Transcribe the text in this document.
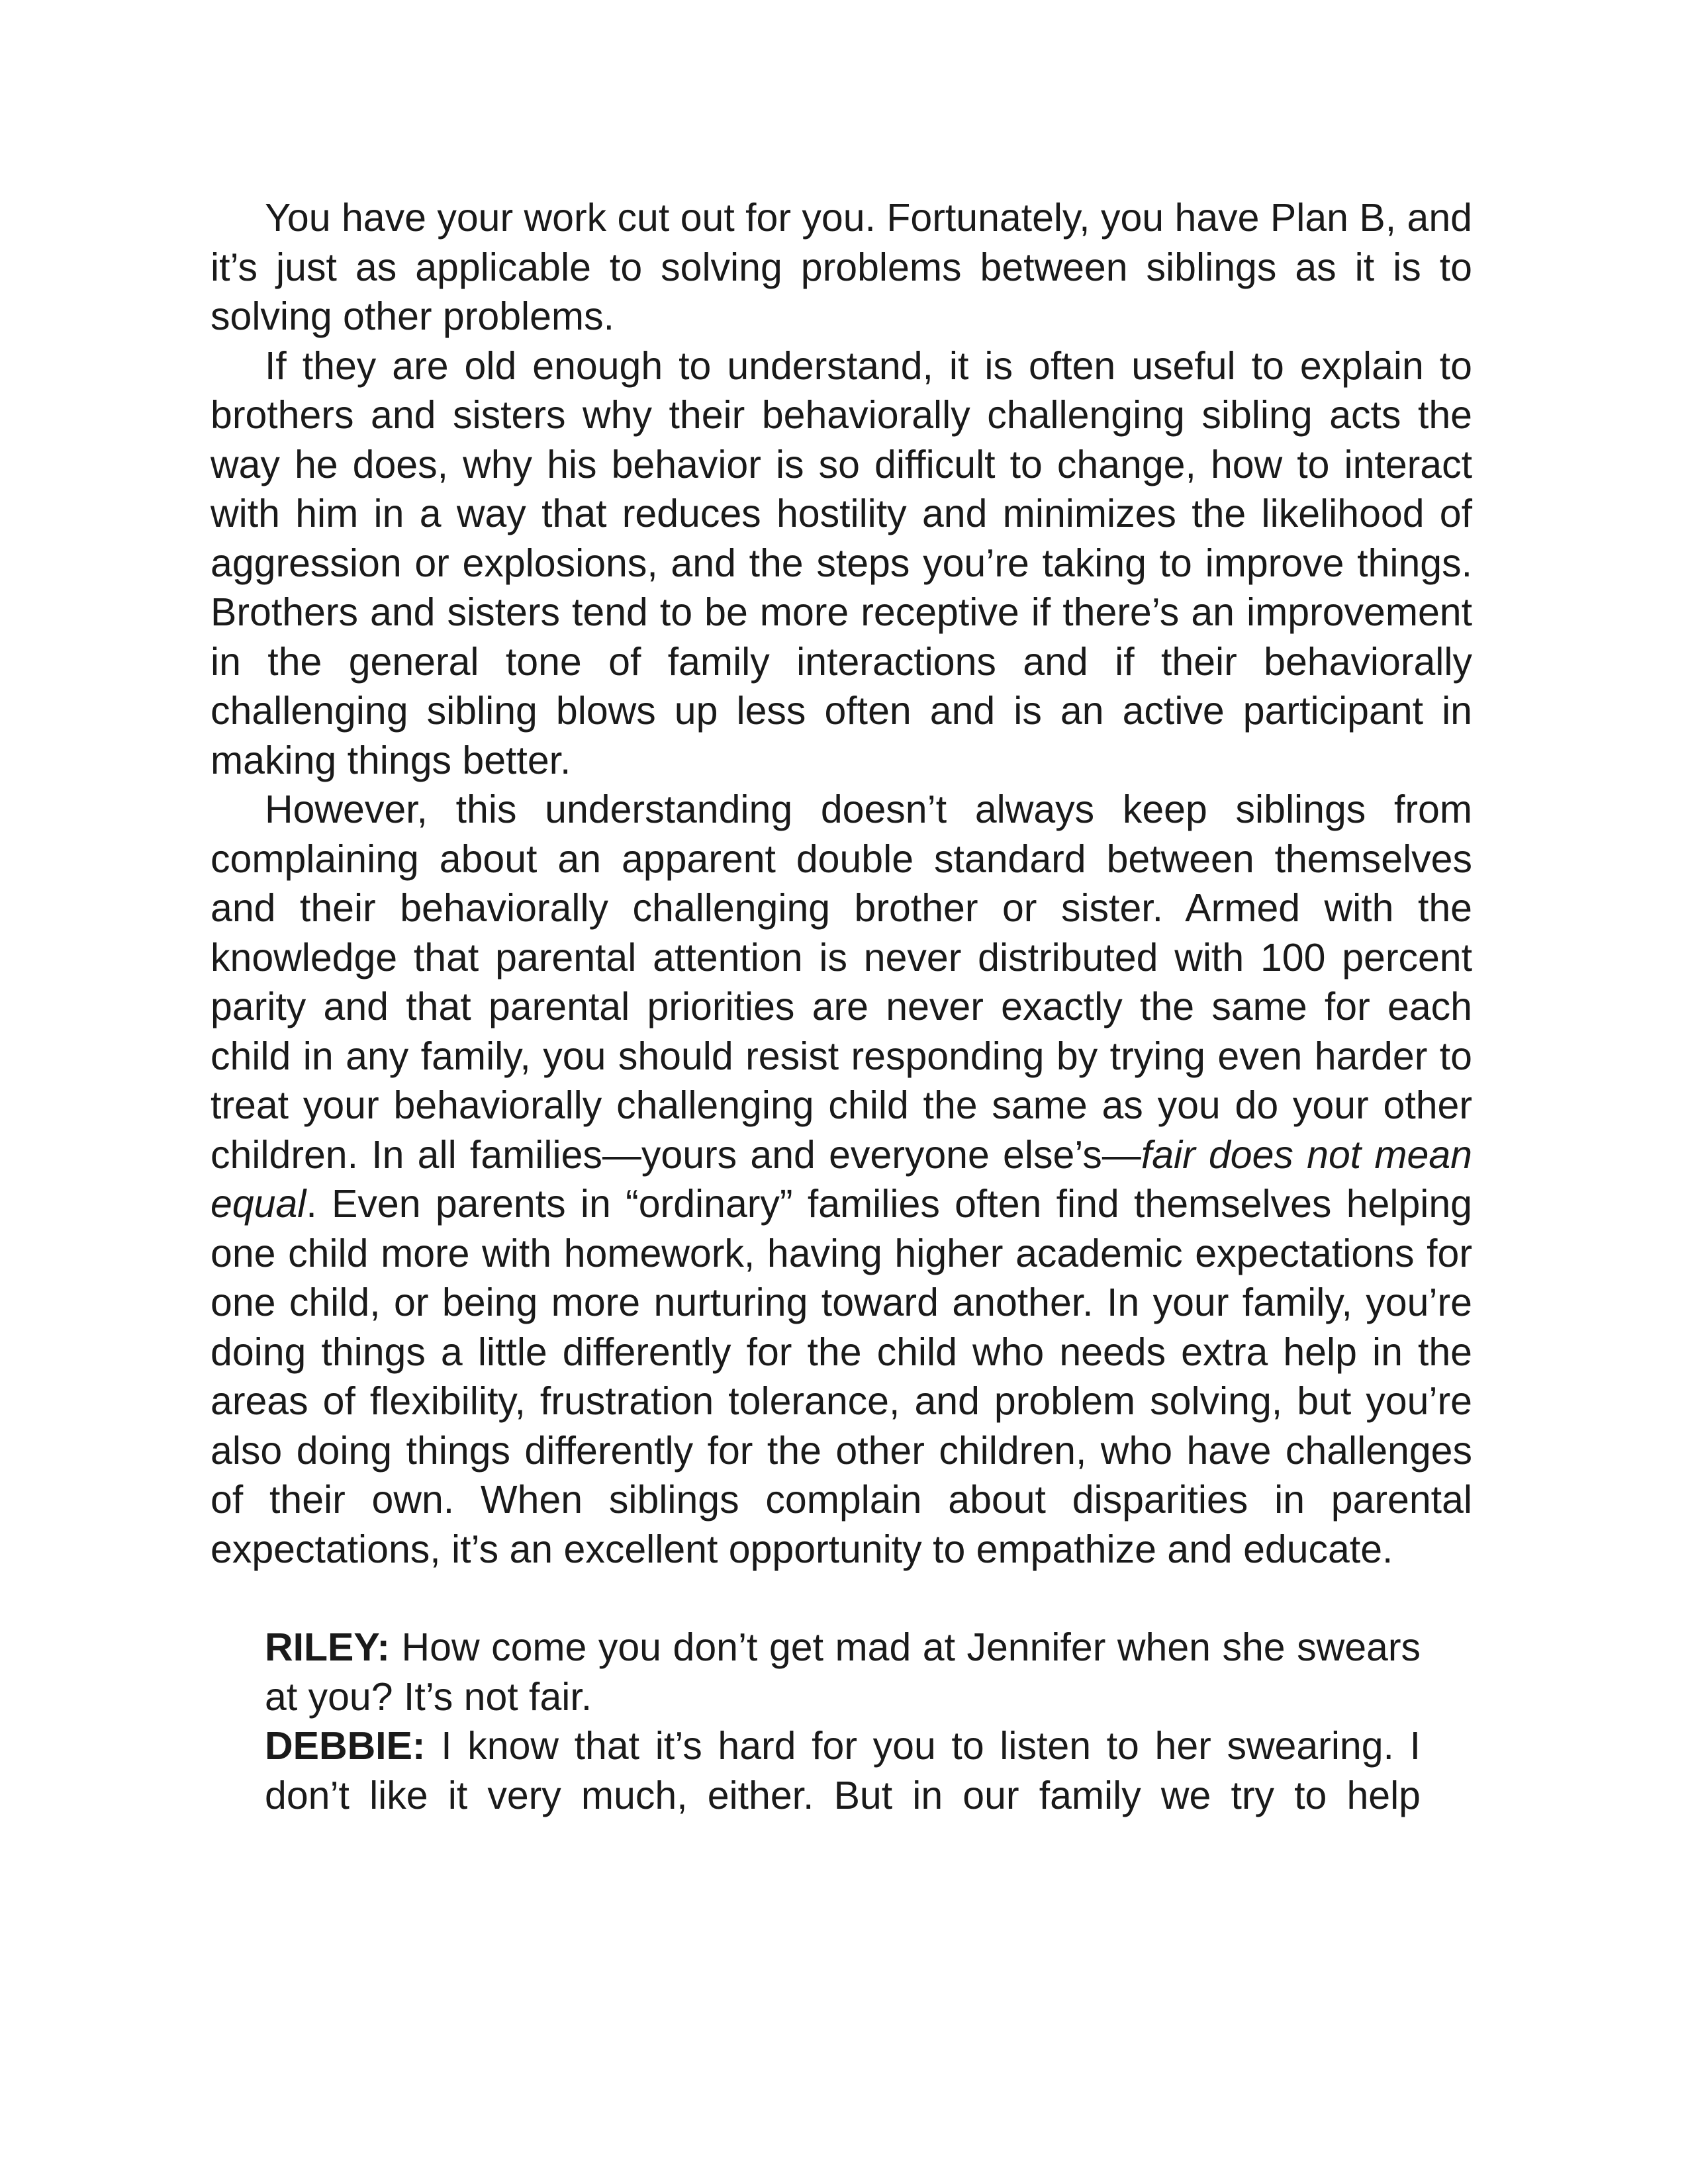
You have your work cut out for you. Fortunately, you have Plan B, and it’s just as applicable to solving problems between siblings as it is to solving other problems.

If they are old enough to understand, it is often useful to explain to brothers and sisters why their behaviorally challenging sibling acts the way he does, why his behavior is so difficult to change, how to interact with him in a way that reduces hostility and minimizes the likelihood of aggression or explosions, and the steps you’re taking to improve things. Brothers and sisters tend to be more receptive if there’s an improvement in the general tone of family interactions and if their behaviorally challenging sibling blows up less often and is an active participant in making things better.

However, this understanding doesn’t always keep siblings from complaining about an apparent double standard between themselves and their behaviorally challenging brother or sister. Armed with the knowledge that parental attention is never distributed with 100 percent parity and that parental priorities are never exactly the same for each child in any family, you should resist responding by trying even harder to treat your behaviorally challenging child the same as you do your other children. In all families—yours and everyone else’s—fair does not mean equal. Even parents in “ordinary” families often find themselves helping one child more with homework, having higher academic expectations for one child, or being more nurturing toward another. In your family, you’re doing things a little differently for the child who needs extra help in the areas of flexibility, frustration tolerance, and problem solving, but you’re also doing things differently for the other children, who have challenges of their own. When siblings complain about disparities in parental expectations, it’s an excellent opportunity to empathize and educate.

RILEY: How come you don’t get mad at Jennifer when she swears at you? It’s not fair.

DEBBIE: I know that it’s hard for you to listen to her swearing. I don’t like it very much, either. But in our family we try to help
